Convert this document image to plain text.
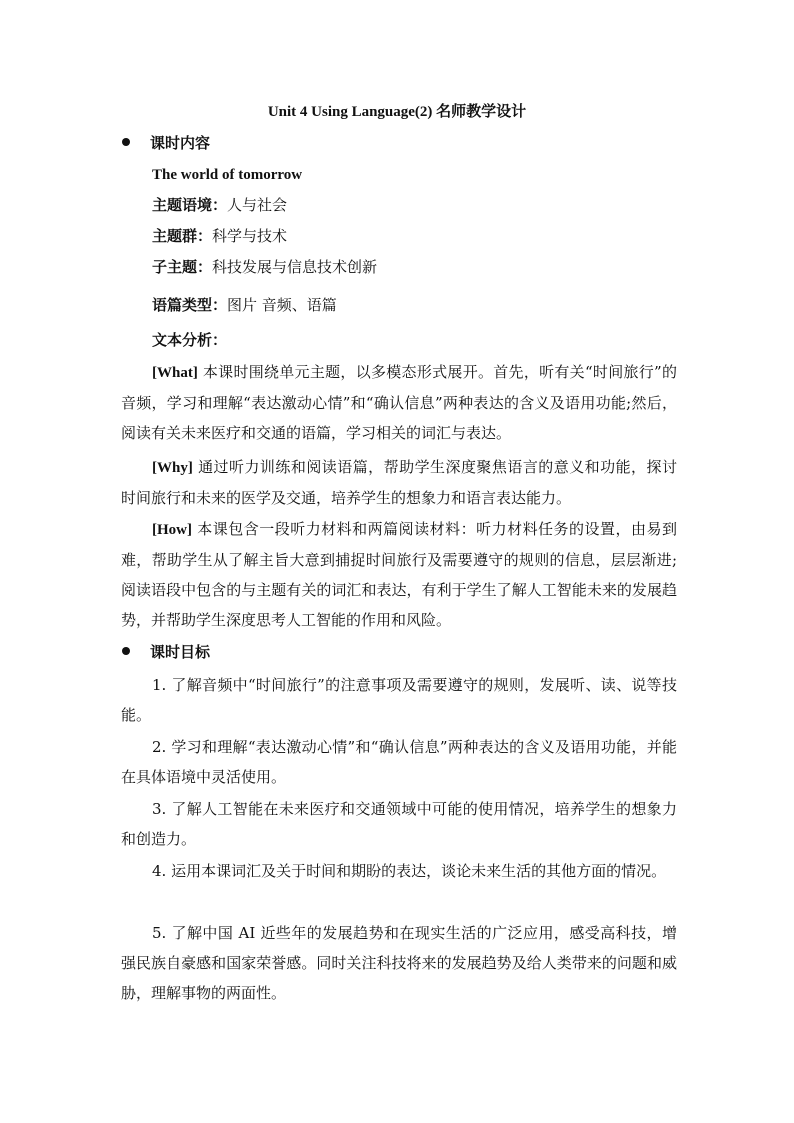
Unit 4 Using Language(2) 名师教学设计
课时内容
The world of tomorrow
主题语境：人与社会
主题群：科学与技术
子主题：科技发展与信息技术创新
语篇类型：图片 音频、语篇
文本分析：
[What] 本课时围绕单元主题，以多模态形式展开。首先，听有关“时间旅行”的音频，学习和理解“表达激动心情”和“确认信息”两种表达的含义及语用功能;然后，阅读有关未来医疗和交通的语篇，学习相关的词汇与表达。
[Why] 通过听力训练和阅读语篇，帮助学生深度聚焦语言的意义和功能，探讨时间旅行和未来的医学及交通，培养学生的想象力和语言表达能力。
[How] 本课包含一段听力材料和两篇阅读材料：听力材料任务的设置，由易到难，帮助学生从了解主旨大意到捕捉时间旅行及需要遵守的规则的信息，层层渐进;阅读语段中包含的与主题有关的词汇和表达，有利于学生了解人工智能未来的发展趋势，并帮助学生深度思考人工智能的作用和风险。
课时目标
1. 了解音频中“时间旅行”的注意事项及需要遵守的规则，发展听、读、说等技能。
2. 学习和理解“表达激动心情”和“确认信息”两种表达的含义及语用功能，并能在具体语境中灵活使用。
3. 了解人工智能在未来医疗和交通领域中可能的使用情况，培养学生的想象力和创造力。
4. 运用本课词汇及关于时间和期盼的表达，谈论未来生活的其他方面的情况。
5. 了解中国 AI 近些年的发展趋势和在现实生活的广泛应用，感受高科技，增强民族自豪感和国家荣誉感。同时关注科技将来的发展趋势及给人类带来的问题和威胁，理解事物的两面性。
